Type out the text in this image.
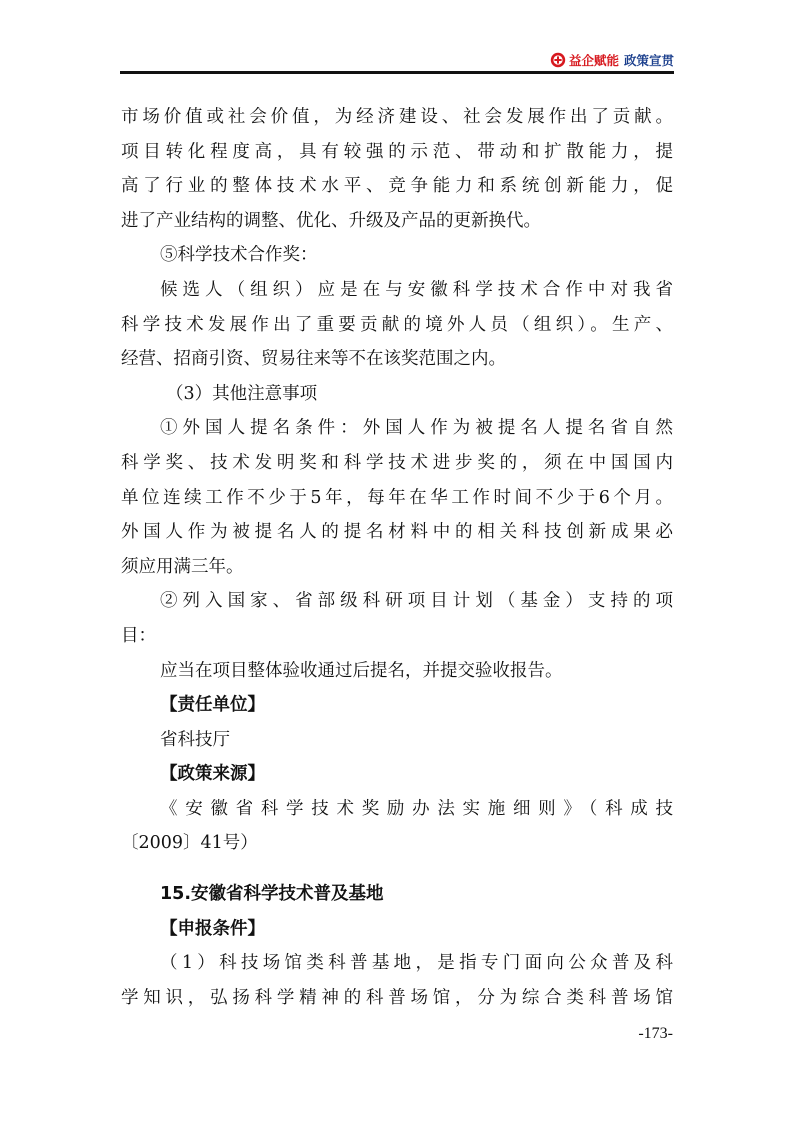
益企赋能 政策宣贯
市场价值或社会价值，为经济建设、社会发展作出了贡献。
项目转化程度高，具有较强的示范、带动和扩散能力，提
高了行业的整体技术水平、竞争能力和系统创新能力，促
进了产业结构的调整、优化、升级及产品的更新换代。
⑤科学技术合作奖：
候选人（组织）应是在与安徽科学技术合作中对我省
科学技术发展作出了重要贡献的境外人员（组织）。生产、
经营、招商引资、贸易往来等不在该奖范围之内。
（3）其他注意事项
①外国人提名条件：外国人作为被提名人提名省自然
科学奖、技术发明奖和科学技术进步奖的，须在中国国内
单位连续工作不少于5年，每年在华工作时间不少于6个月。
外国人作为被提名人的提名材料中的相关科技创新成果必
须应用满三年。
②列入国家、省部级科研项目计划（基金）支持的项
目：
应当在项目整体验收通过后提名，并提交验收报告。
【责任单位】
省科技厅
【政策来源】
《安徽省科学技术奖励办法实施细则》（科成技
〔2009〕41号）
15.安徽省科学技术普及基地
【申报条件】
（1）科技场馆类科普基地，是指专门面向公众普及科
学知识，弘扬科学精神的科普场馆，分为综合类科普场馆
-173-
